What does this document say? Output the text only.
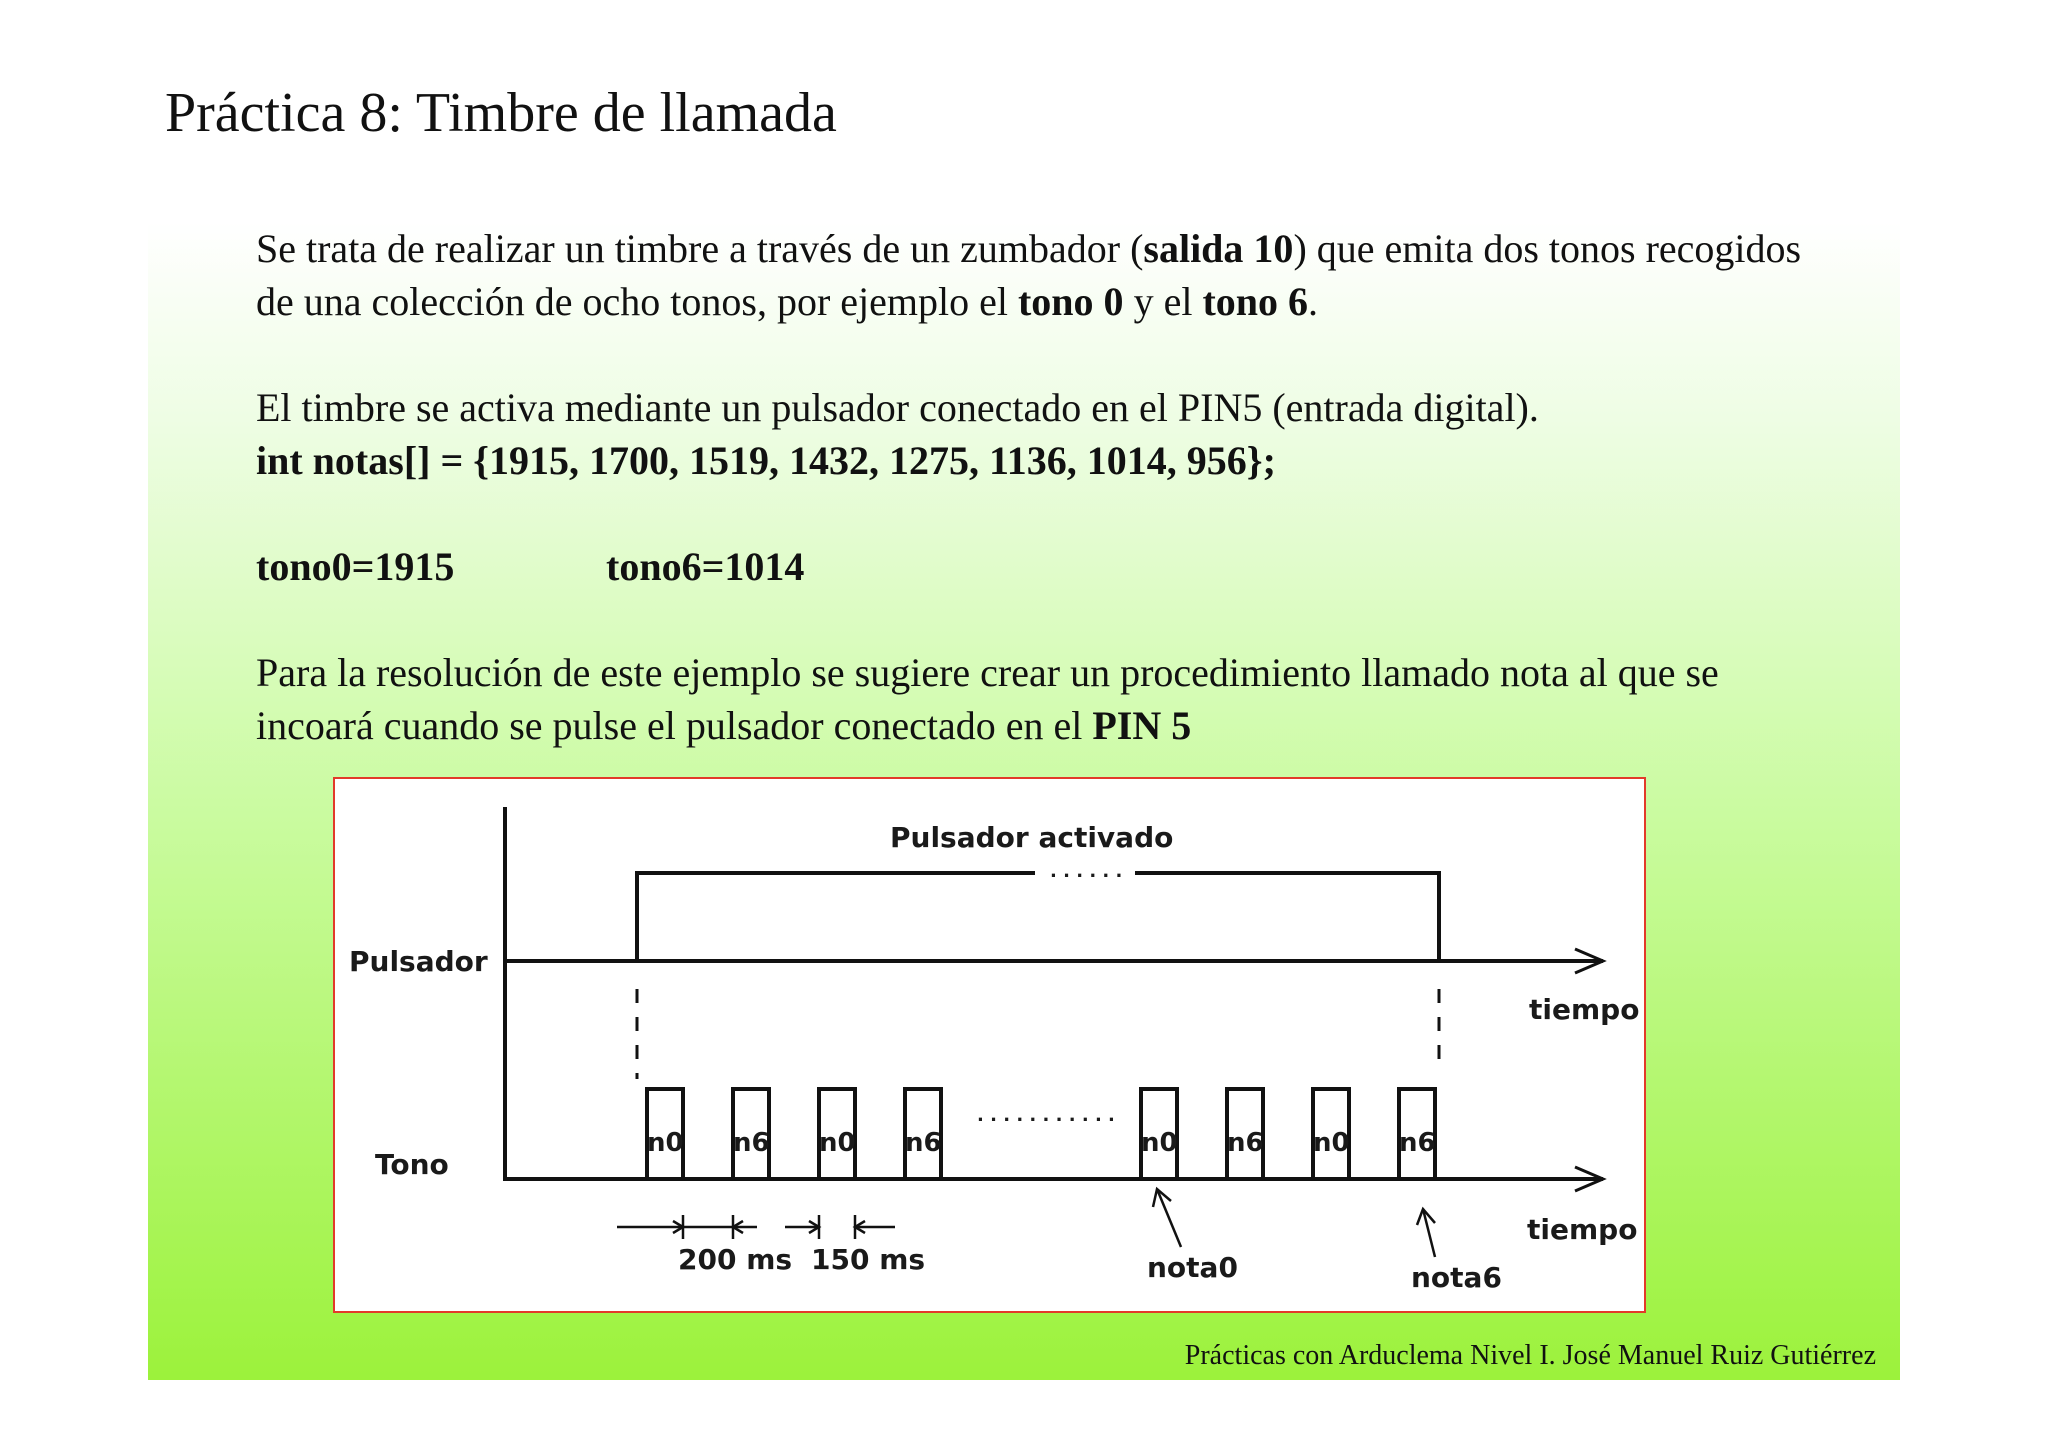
Práctica 8: Timbre de llamada

Se trata de realizar un timbre a través de un zumbador (salida 10) que emita dos tonos recogidos de una colección de ocho tonos, por ejemplo el tono 0 y el tono 6.

El timbre se activa mediante un pulsador conectado en el PIN5 (entrada digital).

int notas[] = {1915, 1700, 1519, 1432, 1275, 1136, 1014, 956};

tono0=1915	tono6=1014

Para la resolución de este ejemplo se sugiere crear un procedimiento llamado nota al que se incoará cuando se pulse el pulsador conectado en el PIN 5

n0 n6 n0 n6	n0 n6 n0 n6
Pulsador activado
. . . . . .
Pulsador
Tono
tiempo
tiempo
. . . . . . . . . . .
200 ms 150 ms	nota0	nota6
Prácticas con Arduclema Nivel I. José Manuel Ruiz Gutiérrez
